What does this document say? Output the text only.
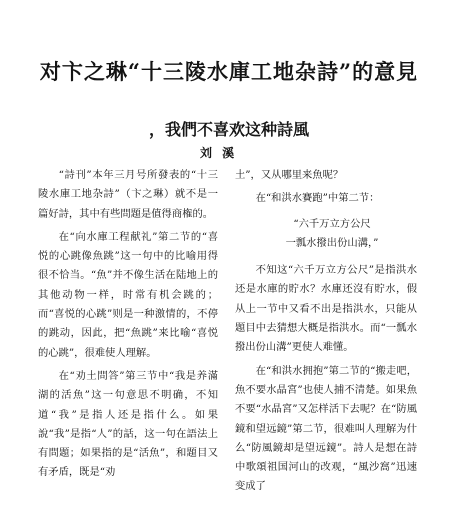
对卞之琳“十三陵水庫工地杂詩”的意見
，我們不喜欢这种詩風
刘 溪

“詩刊”本年三月号所發表的“十三陵水庫工地杂詩”（卞之琳）就不是一篇好詩，其中有些問題是值得商権的。

在“向水庫工程献礼”第二节的“喜悦的心跳像魚跳”这一句中的比喻用得很不恰当。“魚”并不像生活在陆地上的其他动物一样，时常有机会跳的；而“喜悦的心跳”则是一种激情的，不停的跳动，因此，把“魚跳”来比喻“喜悦的心跳”，很难使人理解。

在“劝土問答”第三节中“我是养滿湖的活魚”这一句意思不明确，不知道“我”是指人还是指什么。如果說“我”是指“人”的話，这一句在語法上有問題；如果指的是“活魚”，和題目又有矛盾，既是“劝

土”，又从哪里来魚呢？

在“和洪水賽跑”中第二节：

“六千万立方公尺
一瓢水撥出份山溝，”

不知这“六千万立方公尺”是指洪水还是水庫的貯水？水庫还沒有貯水，假从上一节中又看不出是指洪水，只能从題目中去猜想大概是指洪水。而“一瓢水撥出份山溝”更使人难懂。

在“和洪水拥抱”第二节的“搬走吧，魚不要水晶宮”也使人捕不清楚。如果魚不要“水晶宮”又怎样活下去呢？在“防風鏡和望远鏡”第二节，很难叫人理解为什么“防風鏡却是望远鏡”。詩人是想在詩中歌頌祖国河山的改观，“風沙窩”迅速变成了
